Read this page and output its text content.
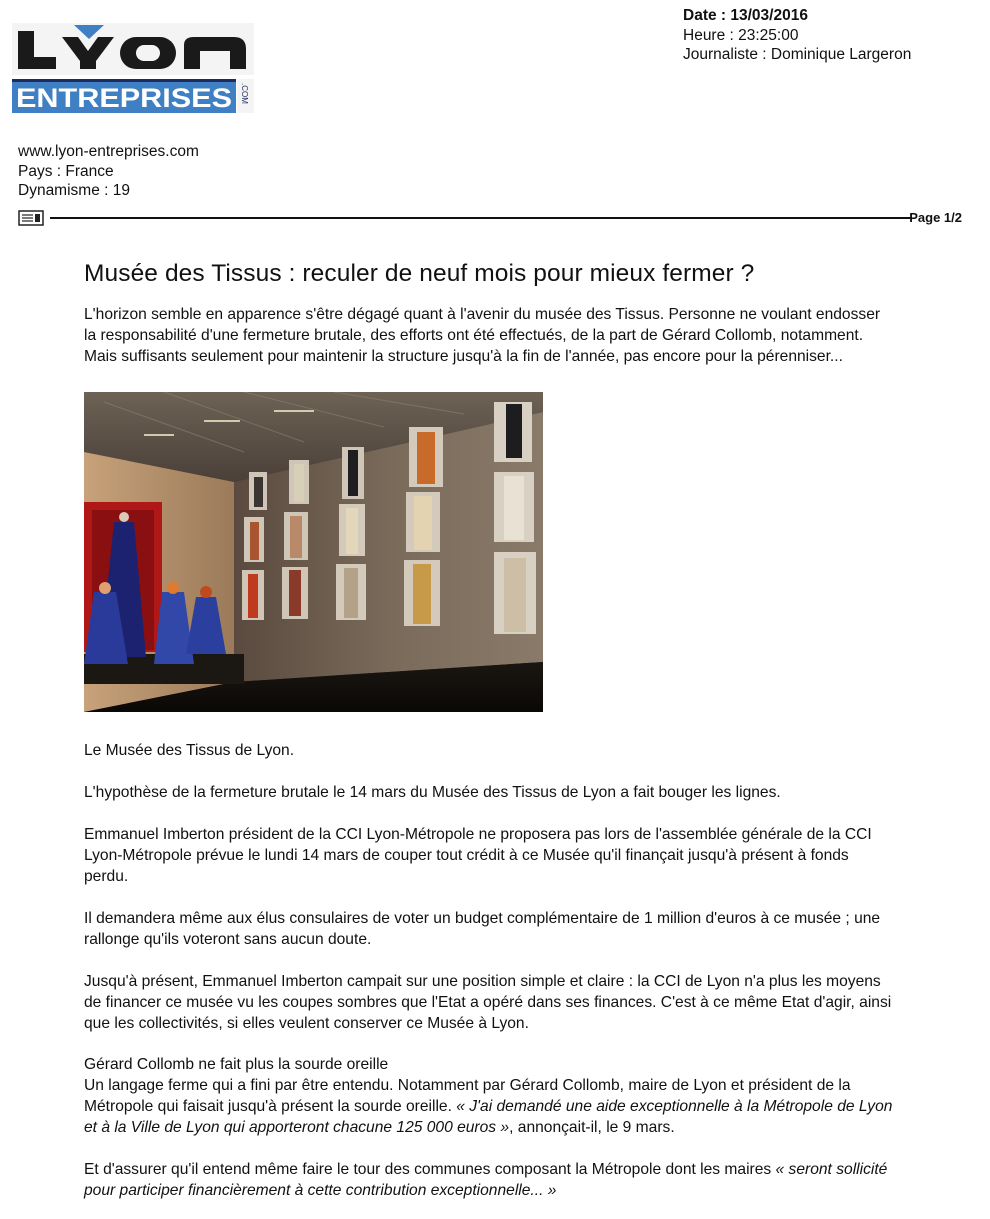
ENTREPRISES .COM
Date : 13/03/2016
Heure : 23:25:00
Journaliste : Dominique Largeron
www.lyon-entreprises.com
Pays : France
Dynamisme : 19
Page 1/2
Musée des Tissus : reculer de neuf mois pour mieux fermer ?

L'horizon semble en apparence s'être dégagé quant à l'avenir du musée des Tissus. Personne ne voulant endosser la responsabilité d'une fermeture brutale, des efforts ont été effectués, de la part de Gérard Collomb, notamment. Mais suffisants seulement pour maintenir la structure jusqu'à la fin de l'année, pas encore pour la pérenniser...

Le Musée des Tissus de Lyon.

L'hypothèse de la fermeture brutale le 14 mars du Musée des Tissus de Lyon a fait bouger les lignes.

Emmanuel Imberton président de la CCI Lyon-Métropole ne proposera pas lors de l'assemblée générale de la CCI Lyon-Métropole prévue le lundi 14 mars de couper tout crédit à ce Musée qu'il finançait jusqu'à présent à fonds perdu.

Il demandera même aux élus consulaires de voter un budget complémentaire de 1 million d'euros à ce musée ; une rallonge qu'ils voteront sans aucun doute.

Jusqu'à présent, Emmanuel Imberton campait sur une position simple et claire : la CCI de Lyon n'a plus les moyens de financer ce musée vu les coupes sombres que l'Etat a opéré dans ses finances. C'est à ce même Etat d'agir, ainsi que les collectivités, si elles veulent conserver ce Musée à Lyon.

Gérard Collomb ne fait plus la sourde oreille

Un langage ferme qui a fini par être entendu. Notamment par Gérard Collomb, maire de Lyon et président de la Métropole qui faisait jusqu'à présent la sourde oreille. « J'ai demandé une aide exceptionnelle à la Métropole de Lyon et à la Ville de Lyon qui apporteront chacune 125 000 euros », annonçait-il, le 9 mars.

Et d'assurer qu'il entend même faire le tour des communes composant la Métropole dont les maires « seront sollicité pour participer financièrement à cette contribution exceptionnelle... »
